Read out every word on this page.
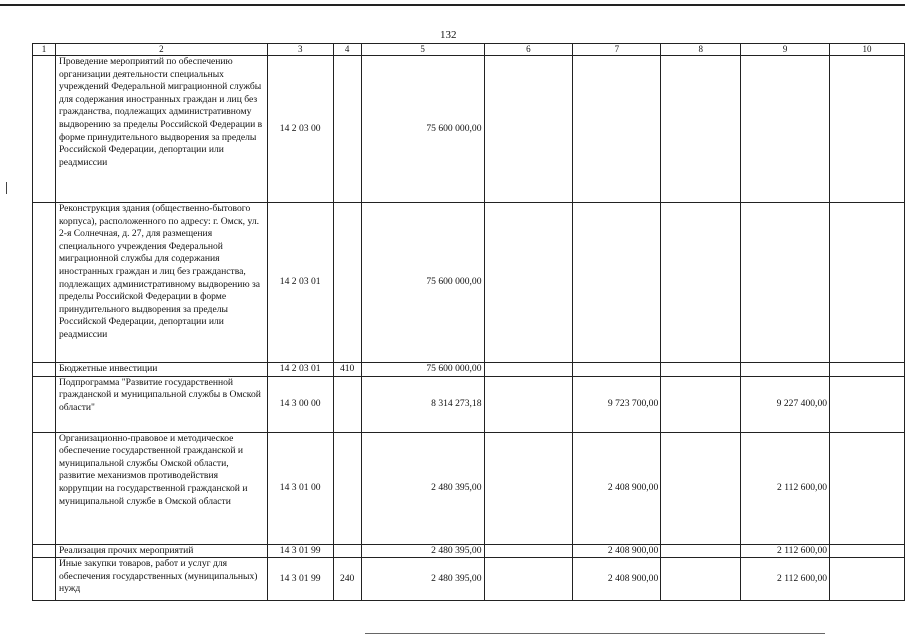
132
1	2	3	4	5	6	7	8	9	10
	Проведение мероприятий по обеспечению организации деятельности специальных учреждений Федеральной миграционной службы для содержания иностранных граждан и лиц без гражданства, подлежащих административному выдворению за пределы Российской Федерации в форме принудительного выдворения за пределы Российской Федерации, депортации или реадмиссии	14 2 03 00		75 600 000,00					
	Реконструкция здания (общественно-бытового корпуса), расположенного по адресу: г. Омск, ул. 2-я Солнечная, д. 27, для размещения специального учреждения Федеральной миграционной службы для содержания иностранных граждан и лиц без гражданства, подлежащих административному выдворению за пределы Российской Федерации в форме принудительного выдворения за пределы Российской Федерации, депортации или реадмиссии	14 2 03 01		75 600 000,00					
	Бюджетные инвестиции	14 2 03 01	410	75 600 000,00					
	Подпрограмма "Развитие государственной гражданской и муниципальной службы в Омской области"	14 3 00 00		8 314 273,18		9 723 700,00		9 227 400,00	
	Организационно-правовое и методическое обеспечение государственной гражданской и муниципальной службы Омской области, развитие механизмов противодействия коррупции на государственной гражданской и муниципальной службе в Омской области	14 3 01 00		2 480 395,00		2 408 900,00		2 112 600,00	
	Реализация прочих мероприятий	14 3 01 99		2 480 395,00		2 408 900,00		2 112 600,00	
	Иные закупки товаров, работ и услуг для обеспечения государственных (муниципальных) нужд	14 3 01 99	240	2 480 395,00		2 408 900,00		2 112 600,00	
